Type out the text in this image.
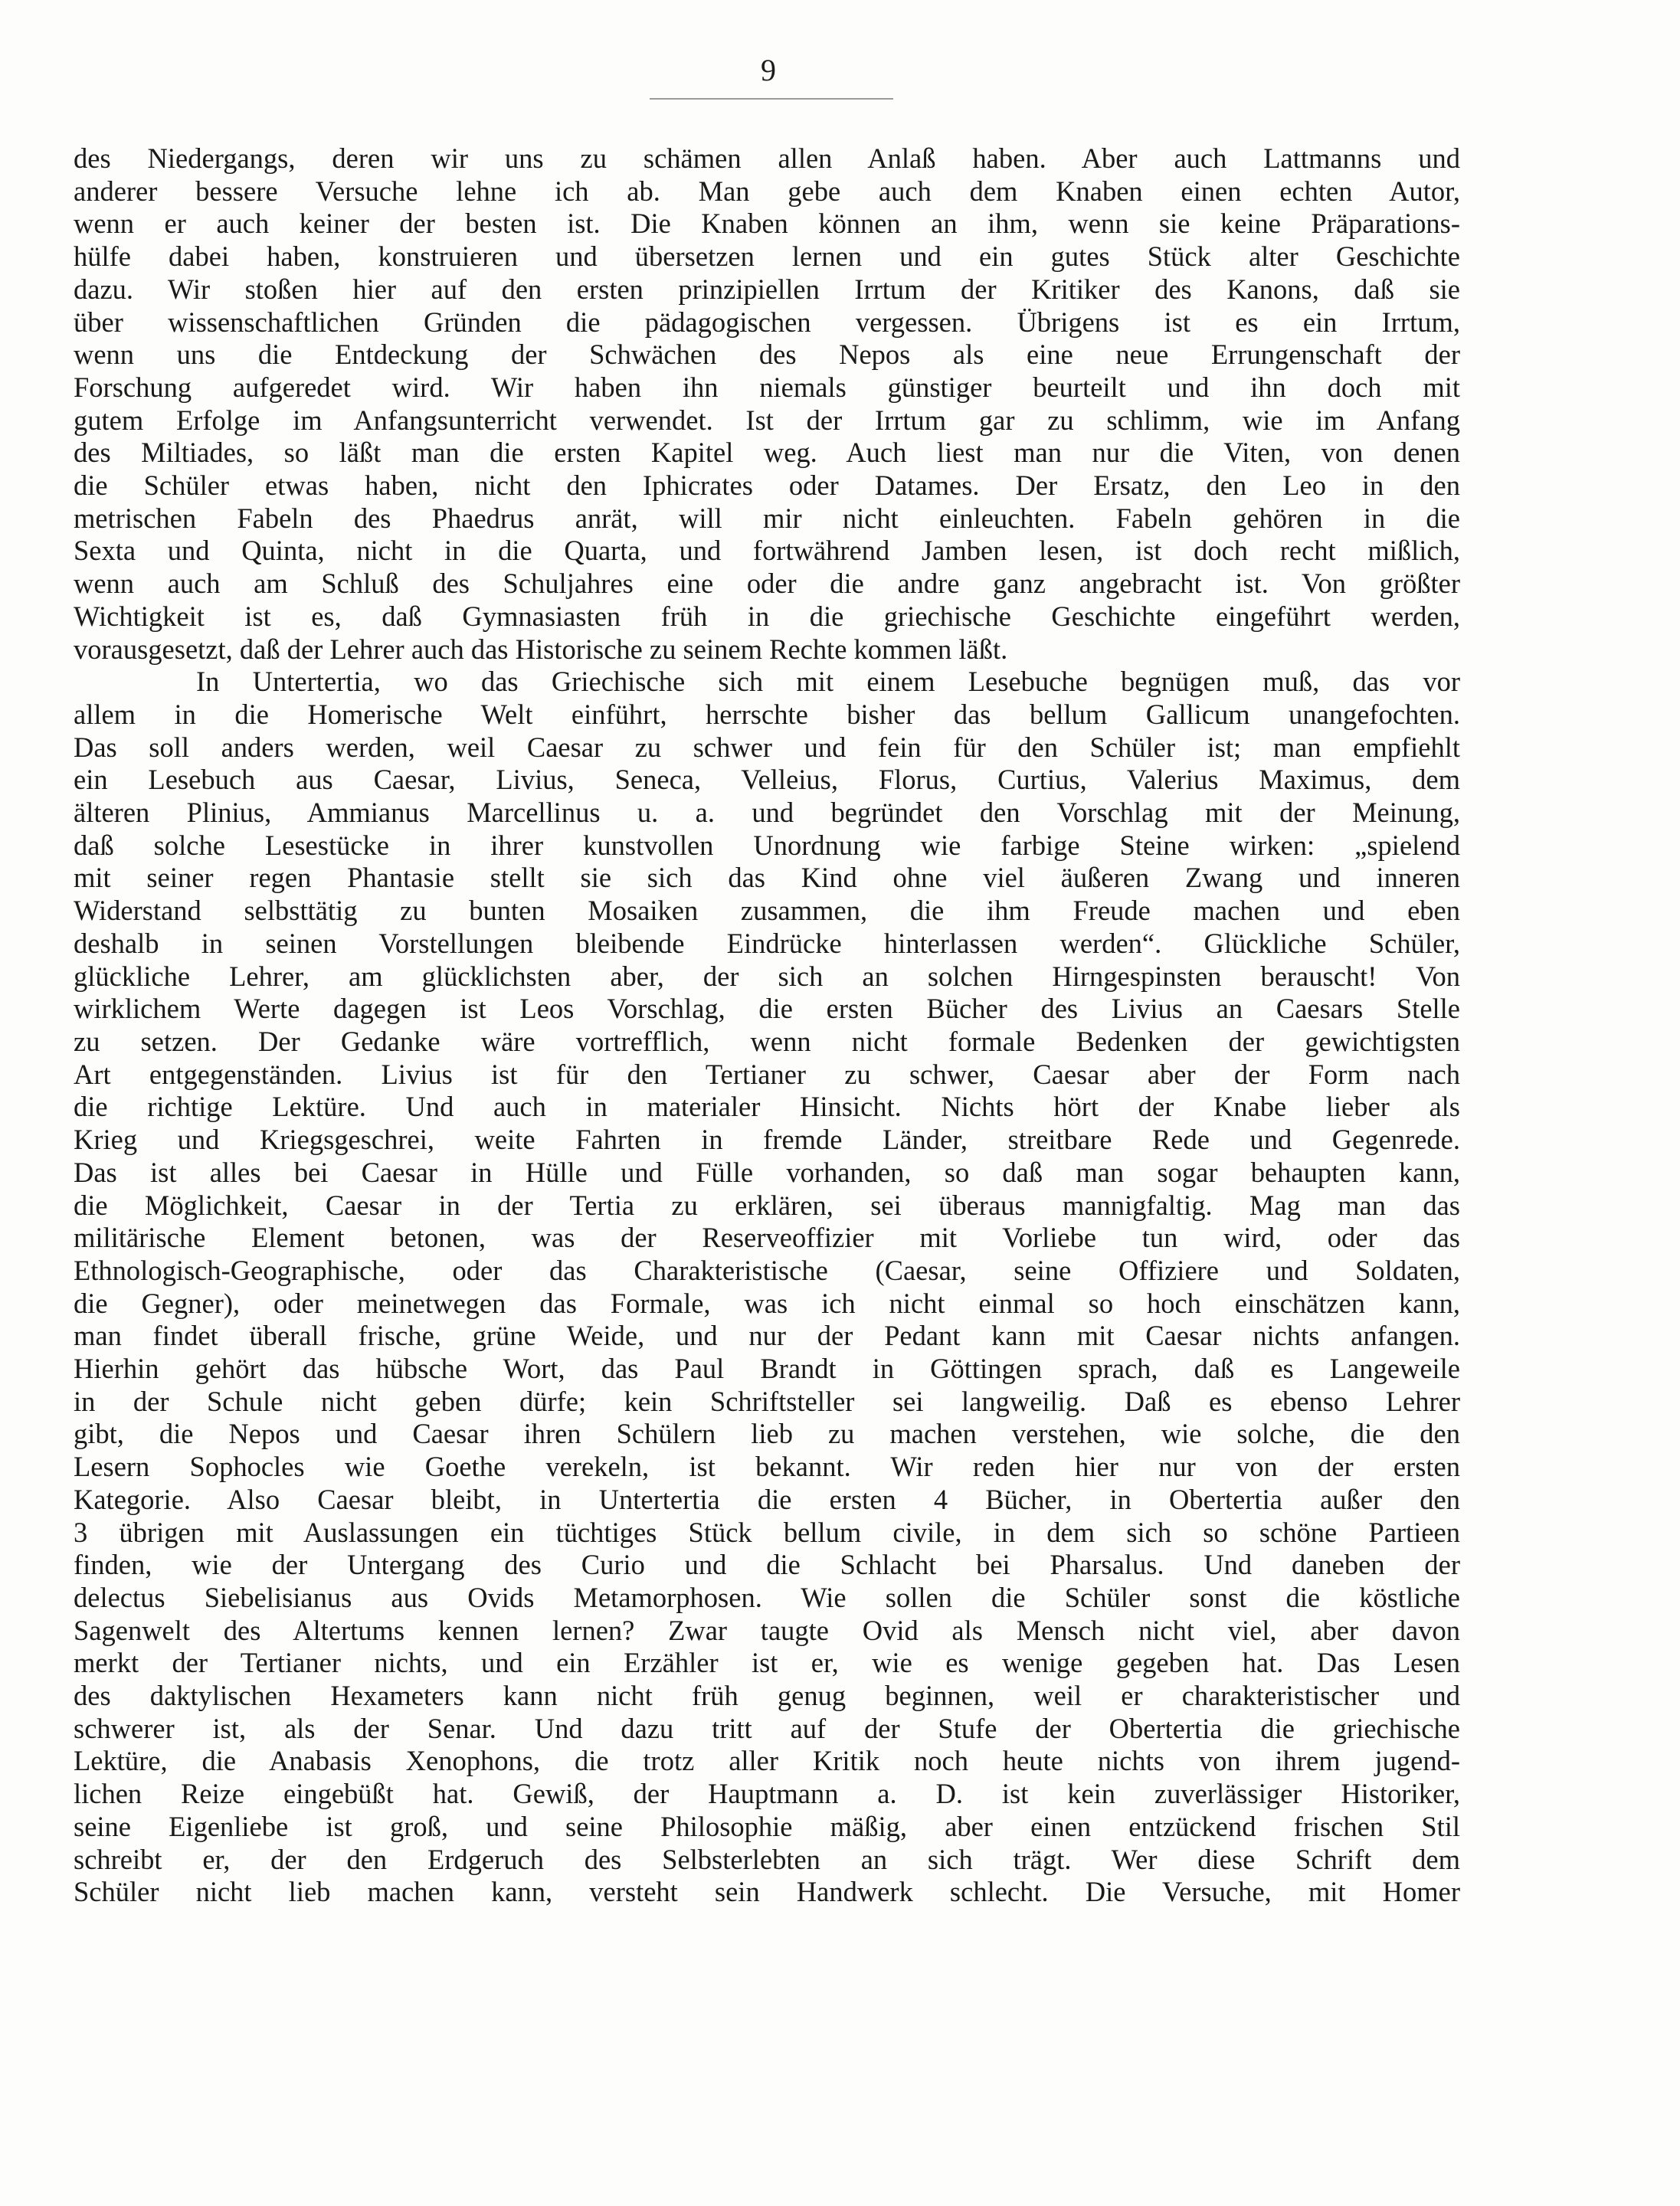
9
des Niedergangs, deren wir uns zu schämen allen Anlaß haben. Aber auch Lattmanns und
anderer bessere Versuche lehne ich ab. Man gebe auch dem Knaben einen echten Autor,
wenn er auch keiner der besten ist. Die Knaben können an ihm, wenn sie keine Präparations-
hülfe dabei haben, konstruieren und übersetzen lernen und ein gutes Stück alter Geschichte
dazu. Wir stoßen hier auf den ersten prinzipiellen Irrtum der Kritiker des Kanons, daß sie
über wissenschaftlichen Gründen die pädagogischen vergessen. Übrigens ist es ein Irrtum,
wenn uns die Entdeckung der Schwächen des Nepos als eine neue Errungenschaft der
Forschung aufgeredet wird. Wir haben ihn niemals günstiger beurteilt und ihn doch mit
gutem Erfolge im Anfangsunterricht verwendet. Ist der Irrtum gar zu schlimm, wie im Anfang
des Miltiades, so läßt man die ersten Kapitel weg. Auch liest man nur die Viten, von denen
die Schüler etwas haben, nicht den Iphicrates oder Datames. Der Ersatz, den Leo in den
metrischen Fabeln des Phaedrus anrät, will mir nicht einleuchten. Fabeln gehören in die
Sexta und Quinta, nicht in die Quarta, und fortwährend Jamben lesen, ist doch recht mißlich,
wenn auch am Schluß des Schuljahres eine oder die andre ganz angebracht ist. Von größter
Wichtigkeit ist es, daß Gymnasiasten früh in die griechische Geschichte eingeführt werden,
vorausgesetzt, daß der Lehrer auch das Historische zu seinem Rechte kommen läßt.
In Untertertia, wo das Griechische sich mit einem Lesebuche begnügen muß, das vor
allem in die Homerische Welt einführt, herrschte bisher das bellum Gallicum unangefochten.
Das soll anders werden, weil Caesar zu schwer und fein für den Schüler ist; man empfiehlt
ein Lesebuch aus Caesar, Livius, Seneca, Velleius, Florus, Curtius, Valerius Maximus, dem
älteren Plinius, Ammianus Marcellinus u. a. und begründet den Vorschlag mit der Meinung,
daß solche Lesestücke in ihrer kunstvollen Unordnung wie farbige Steine wirken: „spielend
mit seiner regen Phantasie stellt sie sich das Kind ohne viel äußeren Zwang und inneren
Widerstand selbsttätig zu bunten Mosaiken zusammen, die ihm Freude machen und eben
deshalb in seinen Vorstellungen bleibende Eindrücke hinterlassen werden“. Glückliche Schüler,
glückliche Lehrer, am glücklichsten aber, der sich an solchen Hirngespinsten berauscht! Von
wirklichem Werte dagegen ist Leos Vorschlag, die ersten Bücher des Livius an Caesars Stelle
zu setzen. Der Gedanke wäre vortrefflich, wenn nicht formale Bedenken der gewichtigsten
Art entgegenständen. Livius ist für den Tertianer zu schwer, Caesar aber der Form nach
die richtige Lektüre. Und auch in materialer Hinsicht. Nichts hört der Knabe lieber als
Krieg und Kriegsgeschrei, weite Fahrten in fremde Länder, streitbare Rede und Gegenrede.
Das ist alles bei Caesar in Hülle und Fülle vorhanden, so daß man sogar behaupten kann,
die Möglichkeit, Caesar in der Tertia zu erklären, sei überaus mannigfaltig. Mag man das
militärische Element betonen, was der Reserveoffizier mit Vorliebe tun wird, oder das
Ethnologisch-Geographische, oder das Charakteristische (Caesar, seine Offiziere und Soldaten,
die Gegner), oder meinetwegen das Formale, was ich nicht einmal so hoch einschätzen kann,
man findet überall frische, grüne Weide, und nur der Pedant kann mit Caesar nichts anfangen.
Hierhin gehört das hübsche Wort, das Paul Brandt in Göttingen sprach, daß es Langeweile
in der Schule nicht geben dürfe; kein Schriftsteller sei langweilig. Daß es ebenso Lehrer
gibt, die Nepos und Caesar ihren Schülern lieb zu machen verstehen, wie solche, die den
Lesern Sophocles wie Goethe verekeln, ist bekannt. Wir reden hier nur von der ersten
Kategorie. Also Caesar bleibt, in Untertertia die ersten 4 Bücher, in Obertertia außer den
3 übrigen mit Auslassungen ein tüchtiges Stück bellum civile, in dem sich so schöne Partieen
finden, wie der Untergang des Curio und die Schlacht bei Pharsalus. Und daneben der
delectus Siebelisianus aus Ovids Metamorphosen. Wie sollen die Schüler sonst die köstliche
Sagenwelt des Altertums kennen lernen? Zwar taugte Ovid als Mensch nicht viel, aber davon
merkt der Tertianer nichts, und ein Erzähler ist er, wie es wenige gegeben hat. Das Lesen
des daktylischen Hexameters kann nicht früh genug beginnen, weil er charakteristischer und
schwerer ist, als der Senar. Und dazu tritt auf der Stufe der Obertertia die griechische
Lektüre, die Anabasis Xenophons, die trotz aller Kritik noch heute nichts von ihrem jugend-
lichen Reize eingebüßt hat. Gewiß, der Hauptmann a. D. ist kein zuverlässiger Historiker,
seine Eigenliebe ist groß, und seine Philosophie mäßig, aber einen entzückend frischen Stil
schreibt er, der den Erdgeruch des Selbsterlebten an sich trägt. Wer diese Schrift dem
Schüler nicht lieb machen kann, versteht sein Handwerk schlecht. Die Versuche, mit Homer
